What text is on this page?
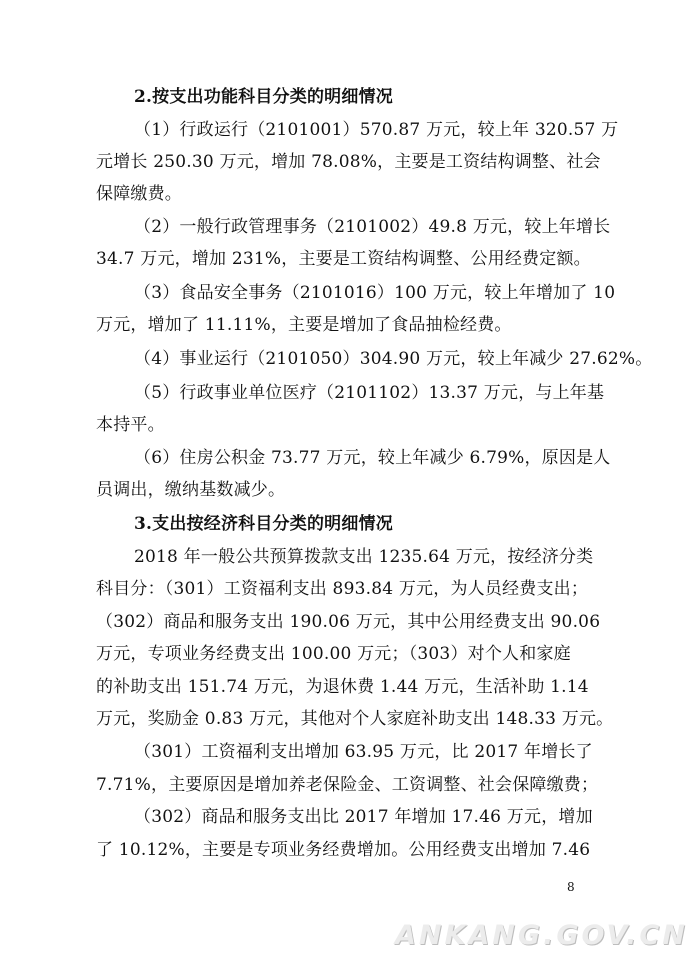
2.按支出功能科目分类的明细情况
（1）行政运行（2101001）570.87 万元，较上年 320.57 万
元增长 250.30 万元，增加 78.08%，主要是工资结构调整、社会
保障缴费。
（2）一般行政管理事务（2101002）49.8 万元，较上年增长
34.7 万元，增加 231%，主要是工资结构调整、公用经费定额。
（3）食品安全事务（2101016）100 万元，较上年增加了 10
万元，增加了 11.11%，主要是增加了食品抽检经费。
（4）事业运行（2101050）304.90 万元，较上年减少 27.62%。
（5）行政事业单位医疗（2101102）13.37 万元，与上年基
本持平。
（6）住房公积金 73.77 万元，较上年减少 6.79%，原因是人
员调出，缴纳基数减少。
3.支出按经济科目分类的明细情况
2018 年一般公共预算拨款支出 1235.64 万元，按经济分类
科目分：（301）工资福利支出 893.84 万元，为人员经费支出；
（302）商品和服务支出 190.06 万元，其中公用经费支出 90.06
万元，专项业务经费支出 100.00 万元；（303）对个人和家庭
的补助支出 151.74 万元，为退休费 1.44 万元，生活补助 1.14
万元，奖励金 0.83 万元，其他对个人家庭补助支出 148.33 万元。
（301）工资福利支出增加 63.95 万元，比 2017 年增长了
7.71%，主要原因是增加养老保险金、工资调整、社会保障缴费；
（302）商品和服务支出比 2017 年增加 17.46 万元，增加
了 10.12%，主要是专项业务经费增加。公用经费支出增加 7.46
8
ANKANG.GOV.CN
